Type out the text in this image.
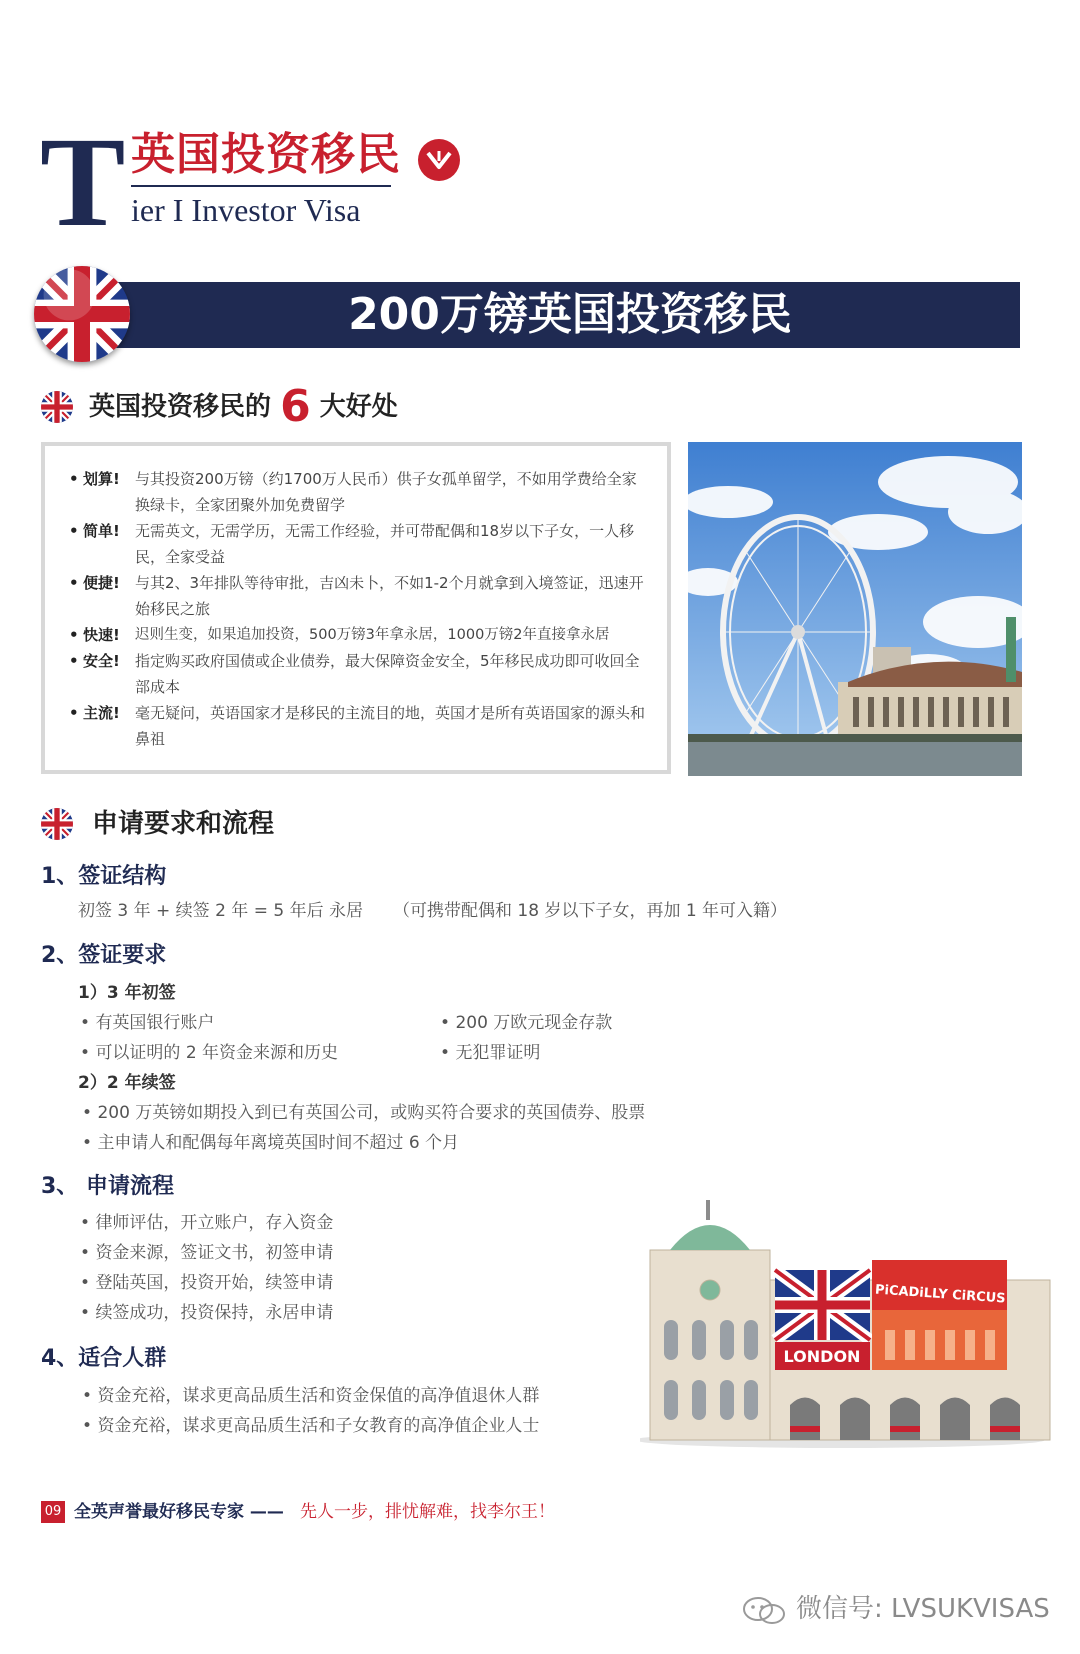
T 英国投资移民
ier I Investor Visa
200万镑英国投资移民
英国投资移民的 6 大好处
• 划算! 与其投资200万镑（约1700万人民币）供子女孤单留学，不如用学费给全家换绿卡，全家团聚外加免费留学
• 简单! 无需英文，无需学历，无需工作经验，并可带配偶和18岁以下子女，一人移民，全家受益
• 便捷! 与其2、3年排队等待审批，吉凶未卜，不如1-2个月就拿到入境签证，迅速开始移民之旅
• 快速! 迟则生变，如果追加投资，500万镑3年拿永居，1000万镑2年直接拿永居
• 安全! 指定购买政府国债或企业债券，最大保障资金安全，5年移民成功即可收回全部成本
• 主流! 毫无疑问，英语国家才是移民的主流目的地，英国才是所有英语国家的源头和鼻祖
申请要求和流程
1、签证结构
初签 3 年 + 续签 2 年 = 5 年后 永居 （可携带配偶和 18 岁以下子女，再加 1 年可入籍）
2、签证要求
1）3 年初签
• 有英国银行账户	• 200 万欧元现金存款
• 可以证明的 2 年资金来源和历史	• 无犯罪证明
2）2 年续签
• 200 万英镑如期投入到已有英国公司，或购买符合要求的英国债券、股票
• 主申请人和配偶每年离境英国时间不超过 6 个月
3、 申请流程
• 律师评估，开立账户，存入资金
• 资金来源，签证文书，初签申请
• 登陆英国，投资开始，续签申请
• 续签成功，投资保持，永居申请
4、适合人群
• 资金充裕，谋求更高品质生活和资金保值的高净值退休人群
• 资金充裕，谋求更高品质生活和子女教育的高净值企业人士
LONDON
PiCADiLLY CiRCUS
09 全英声誉最好移民专家 —— 先人一步，排忧解难，找李尔王！
微信号: LVSUKVISAS
